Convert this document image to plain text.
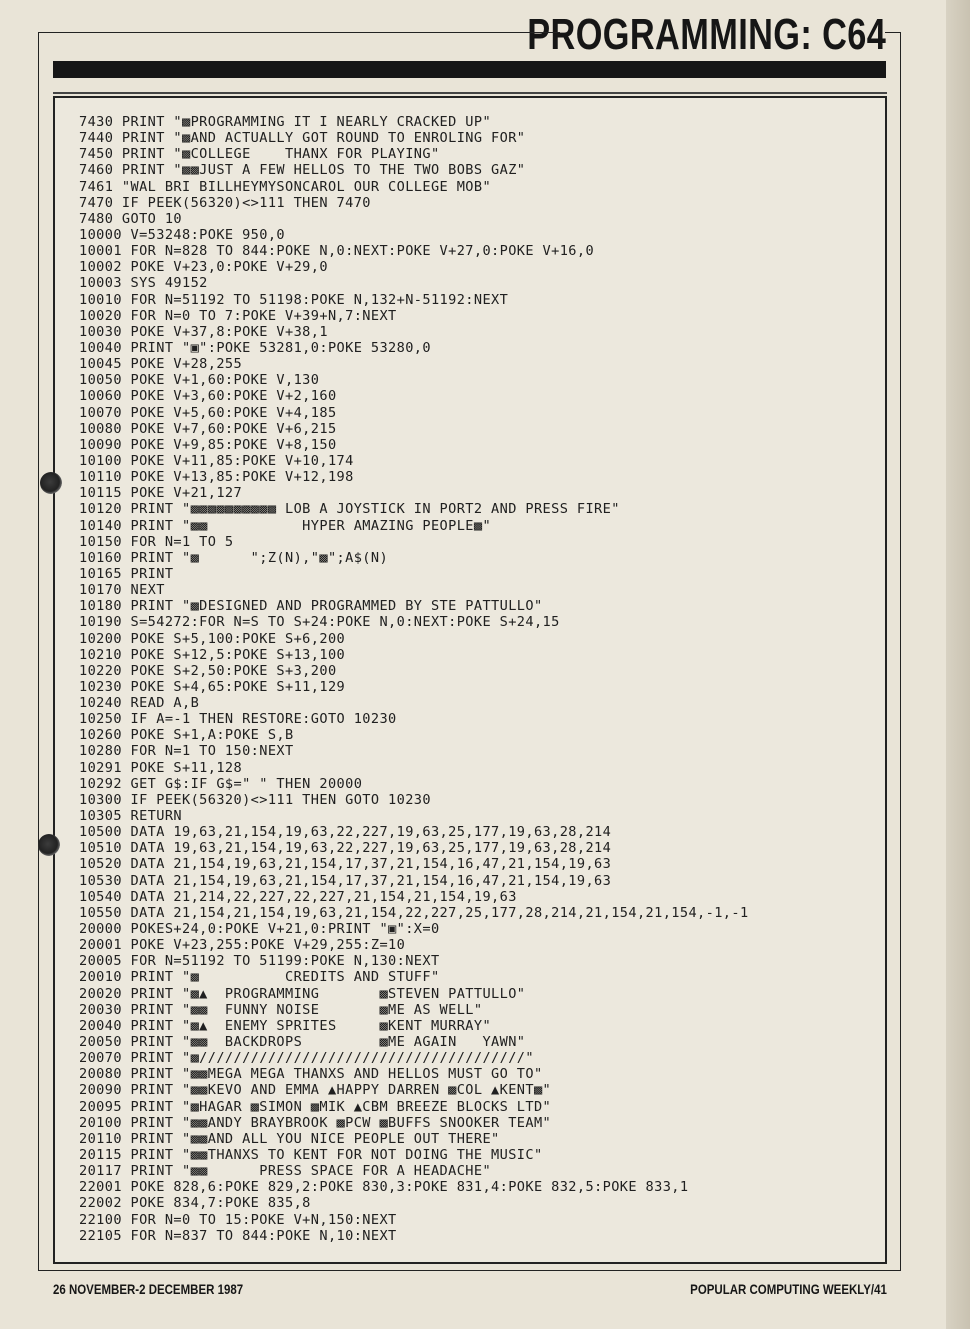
PROGRAMMING: C64
7430 PRINT "▩PROGRAMMING IT I NEARLY CRACKED UP"
7440 PRINT "▩AND ACTUALLY GOT ROUND TO ENROLING FOR"
7450 PRINT "▩COLLEGE    THANX FOR PLAYING"
7460 PRINT "▩▩JUST A FEW HELLOS TO THE TWO BOBS GAZ"
7461 "WAL BRI BILLHEYMYSONCAROL OUR COLLEGE MOB"
7470 IF PEEK(56320)<>111 THEN 7470
7480 GOTO 10
10000 V=53248:POKE 950,0
10001 FOR N=828 TO 844:POKE N,0:NEXT:POKE V+27,0:POKE V+16,0
10002 POKE V+23,0:POKE V+29,0
10003 SYS 49152
10010 FOR N=51192 TO 51198:POKE N,132+N-51192:NEXT
10020 FOR N=0 TO 7:POKE V+39+N,7:NEXT
10030 POKE V+37,8:POKE V+38,1
10040 PRINT "▣":POKE 53281,0:POKE 53280,0
10045 POKE V+28,255
10050 POKE V+1,60:POKE V,130
10060 POKE V+3,60:POKE V+2,160
10070 POKE V+5,60:POKE V+4,185
10080 POKE V+7,60:POKE V+6,215
10090 POKE V+9,85:POKE V+8,150
10100 POKE V+11,85:POKE V+10,174
10110 POKE V+13,85:POKE V+12,198
10115 POKE V+21,127
10120 PRINT "▩▩▩▩▩▩▩▩▩▩ LOB A JOYSTICK IN PORT2 AND PRESS FIRE"
10140 PRINT "▩▩           HYPER AMAZING PEOPLE▩"
10150 FOR N=1 TO 5
10160 PRINT "▩      ";Z(N),"▩";A$(N)
10165 PRINT
10170 NEXT
10180 PRINT "▩DESIGNED AND PROGRAMMED BY STE PATTULLO"
10190 S=54272:FOR N=S TO S+24:POKE N,0:NEXT:POKE S+24,15
10200 POKE S+5,100:POKE S+6,200
10210 POKE S+12,5:POKE S+13,100
10220 POKE S+2,50:POKE S+3,200
10230 POKE S+4,65:POKE S+11,129
10240 READ A,B
10250 IF A=-1 THEN RESTORE:GOTO 10230
10260 POKE S+1,A:POKE S,B
10280 FOR N=1 TO 150:NEXT
10291 POKE S+11,128
10292 GET G$:IF G$=" " THEN 20000
10300 IF PEEK(56320)<>111 THEN GOTO 10230
10305 RETURN
10500 DATA 19,63,21,154,19,63,22,227,19,63,25,177,19,63,28,214
10510 DATA 19,63,21,154,19,63,22,227,19,63,25,177,19,63,28,214
10520 DATA 21,154,19,63,21,154,17,37,21,154,16,47,21,154,19,63
10530 DATA 21,154,19,63,21,154,17,37,21,154,16,47,21,154,19,63
10540 DATA 21,214,22,227,22,227,21,154,21,154,19,63
10550 DATA 21,154,21,154,19,63,21,154,22,227,25,177,28,214,21,154,21,154,-1,-1
20000 POKES+24,0:POKE V+21,0:PRINT "▣":X=0
20001 POKE V+23,255:POKE V+29,255:Z=10
20005 FOR N=51192 TO 51199:POKE N,130:NEXT
20010 PRINT "▩          CREDITS AND STUFF"
20020 PRINT "▩▲  PROGRAMMING       ▩STEVEN PATTULLO"
20030 PRINT "▩▩  FUNNY NOISE       ▩ME AS WELL"
20040 PRINT "▩▲  ENEMY SPRITES     ▩KENT MURRAY"
20050 PRINT "▩▩  BACKDROPS         ▩ME AGAIN   YAWN"
20070 PRINT "▩//////////////////////////////////////"
20080 PRINT "▩▩MEGA MEGA THANXS AND HELLOS MUST GO TO"
20090 PRINT "▩▩KEVO AND EMMA ▲HAPPY DARREN ▩COL ▲KENT▩"
20095 PRINT "▩HAGAR ▩SIMON ▩MIK ▲CBM BREEZE BLOCKS LTD"
20100 PRINT "▩▩ANDY BRAYBROOK ▩PCW ▩BUFFS SNOOKER TEAM"
20110 PRINT "▩▩AND ALL YOU NICE PEOPLE OUT THERE"
20115 PRINT "▩▩THANXS TO KENT FOR NOT DOING THE MUSIC"
20117 PRINT "▩▩      PRESS SPACE FOR A HEADACHE"
22001 POKE 828,6:POKE 829,2:POKE 830,3:POKE 831,4:POKE 832,5:POKE 833,1
22002 POKE 834,7:POKE 835,8
22100 FOR N=0 TO 15:POKE V+N,150:NEXT
22105 FOR N=837 TO 844:POKE N,10:NEXT
26 NOVEMBER-2 DECEMBER 1987	POPULAR COMPUTING WEEKLY/41
